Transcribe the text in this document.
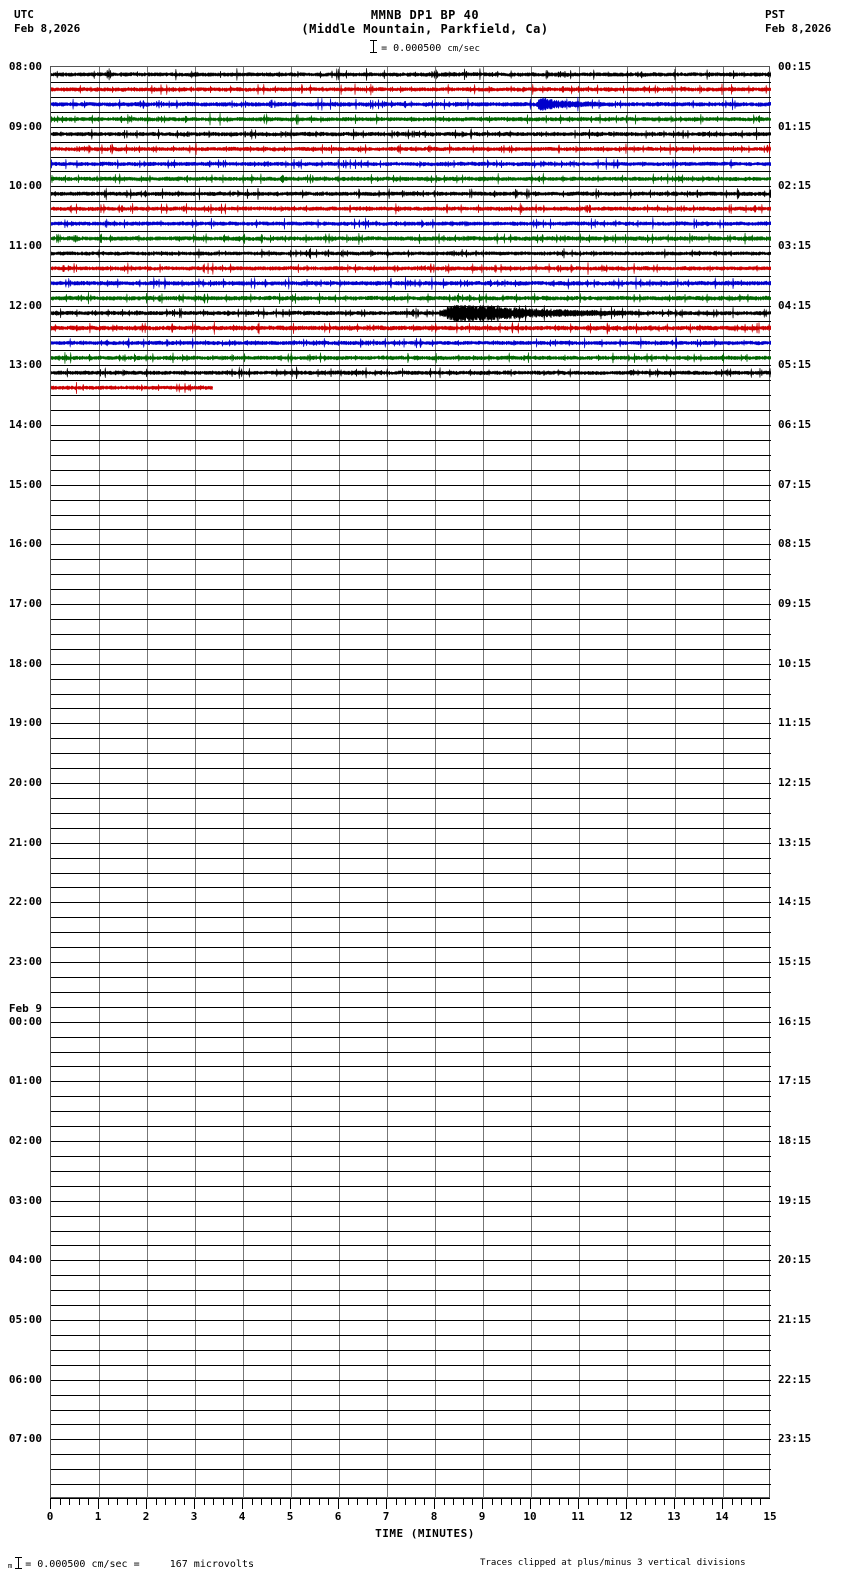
MMNB DP1 BP 40
(Middle Mountain, Parkfield, Ca)
UTC
Feb 8,2026
PST
Feb 8,2026
= 0.000500 cm/sec
08:00
09:00
10:00
11:00
12:00
13:00
14:00
15:00
16:00
17:00
18:00
19:00
20:00
21:00
22:00
23:00
Feb 9
00:00
01:00
02:00
03:00
04:00
05:00
06:00
07:00
00:15
01:15
02:15
03:15
04:15
05:15
06:15
07:15
08:15
09:15
10:15
11:15
12:15
13:15
14:15
15:15
16:15
17:15
18:15
19:15
20:15
21:15
22:15
23:15
0	1	2	3	4	5	6	7	8	9	10	11	12	13	14	15
TIME (MINUTES)
m = 0.000500 cm/sec =	167 microvolts	Traces clipped at plus/minus 3 vertical divisions
